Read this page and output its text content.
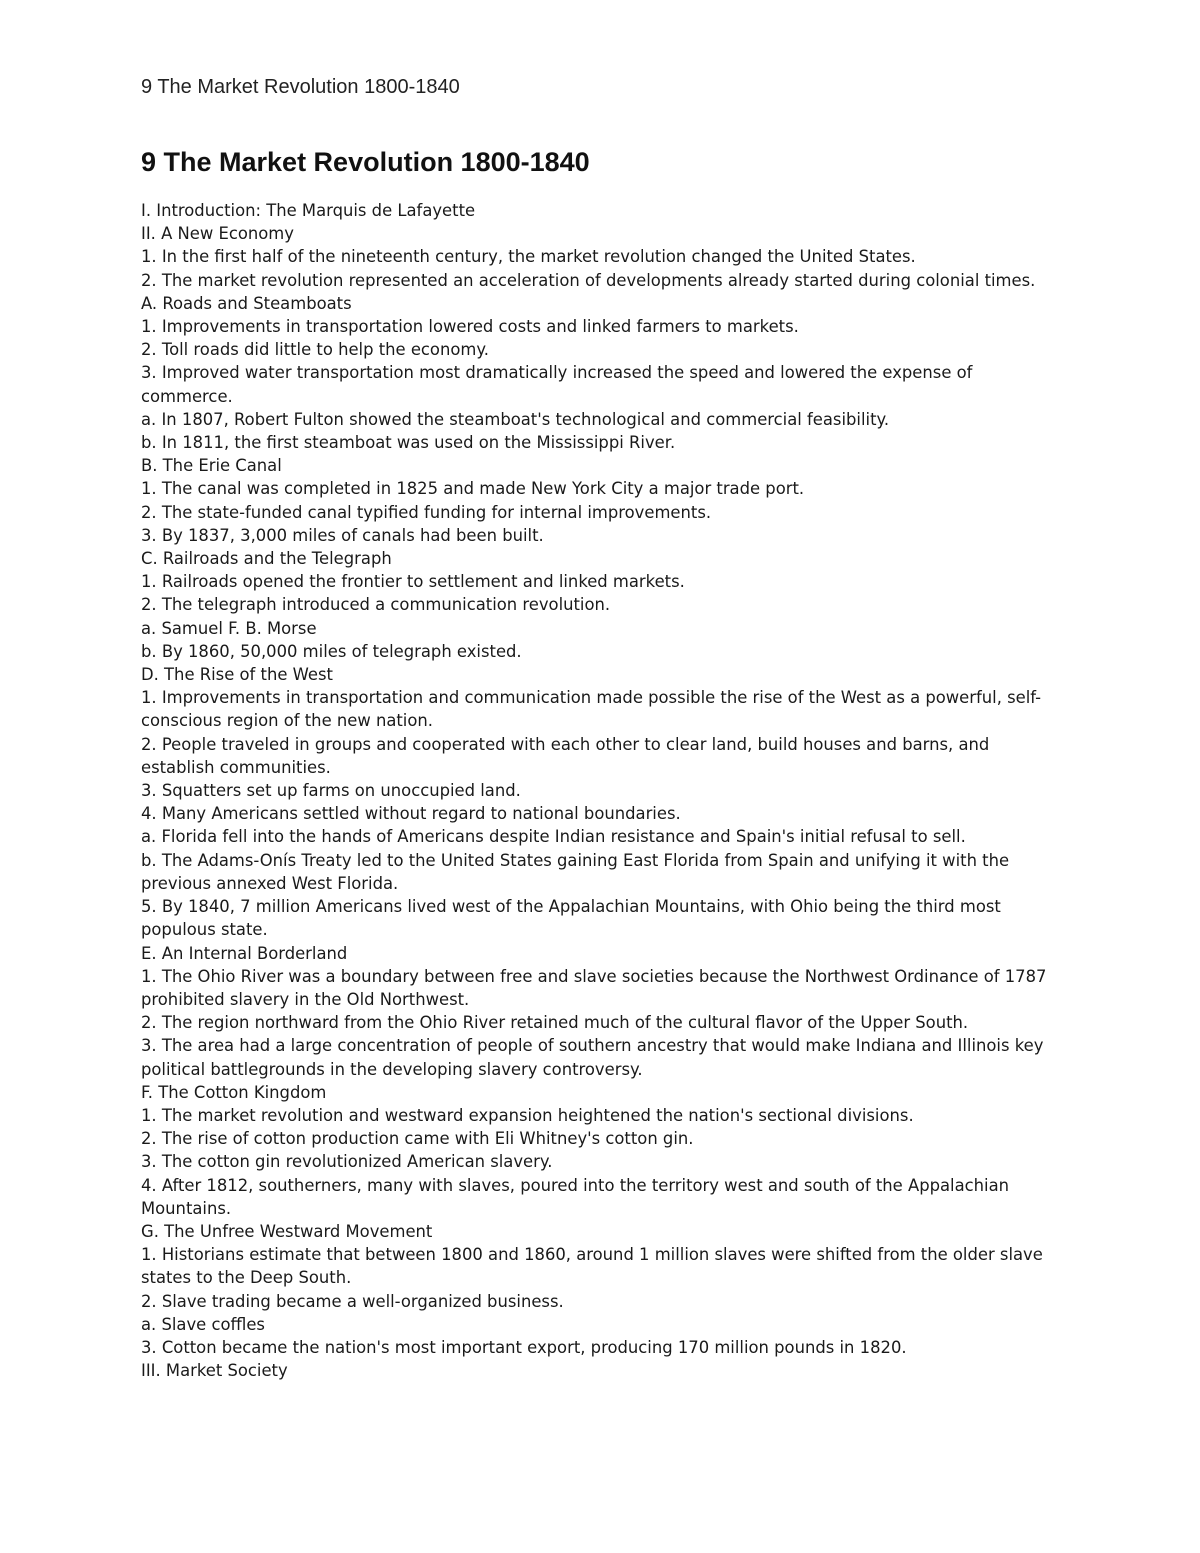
9 The Market Revolution 1800-1840
9 The Market Revolution 1800-1840
I. Introduction: The Marquis de Lafayette
II. A New Economy
1. In the first half of the nineteenth century, the market revolution changed the United States.
2. The market revolution represented an acceleration of developments already started during colonial times.
A. Roads and Steamboats
1. Improvements in transportation lowered costs and linked farmers to markets.
2. Toll roads did little to help the economy.
3. Improved water transportation most dramatically increased the speed and lowered the expense of commerce.
a. In 1807, Robert Fulton showed the steamboat's technological and commercial feasibility.
b. In 1811, the first steamboat was used on the Mississippi River.
B. The Erie Canal
1. The canal was completed in 1825 and made New York City a major trade port.
2. The state-funded canal typified funding for internal improvements.
3. By 1837, 3,000 miles of canals had been built.
C. Railroads and the Telegraph
1. Railroads opened the frontier to settlement and linked markets.
2. The telegraph introduced a communication revolution.
a. Samuel F. B. Morse
b. By 1860, 50,000 miles of telegraph existed.
D. The Rise of the West
1. Improvements in transportation and communication made possible the rise of the West as a powerful, self-conscious region of the new nation.
2. People traveled in groups and cooperated with each other to clear land, build houses and barns, and establish communities.
3. Squatters set up farms on unoccupied land.
4. Many Americans settled without regard to national boundaries.
a. Florida fell into the hands of Americans despite Indian resistance and Spain's initial refusal to sell.
b. The Adams-Onís Treaty led to the United States gaining East Florida from Spain and unifying it with the previous annexed West Florida.
5. By 1840, 7 million Americans lived west of the Appalachian Mountains, with Ohio being the third most populous state.
E. An Internal Borderland
1. The Ohio River was a boundary between free and slave societies because the Northwest Ordinance of 1787 prohibited slavery in the Old Northwest.
2. The region northward from the Ohio River retained much of the cultural flavor of the Upper South.
3. The area had a large concentration of people of southern ancestry that would make Indiana and Illinois key political battlegrounds in the developing slavery controversy.
F. The Cotton Kingdom
1. The market revolution and westward expansion heightened the nation's sectional divisions.
2. The rise of cotton production came with Eli Whitney's cotton gin.
3. The cotton gin revolutionized American slavery.
4. After 1812, southerners, many with slaves, poured into the territory west and south of the Appalachian Mountains.
G. The Unfree Westward Movement
1. Historians estimate that between 1800 and 1860, around 1 million slaves were shifted from the older slave states to the Deep South.
2. Slave trading became a well-organized business.
a. Slave coffles
3. Cotton became the nation's most important export, producing 170 million pounds in 1820.
III. Market Society
